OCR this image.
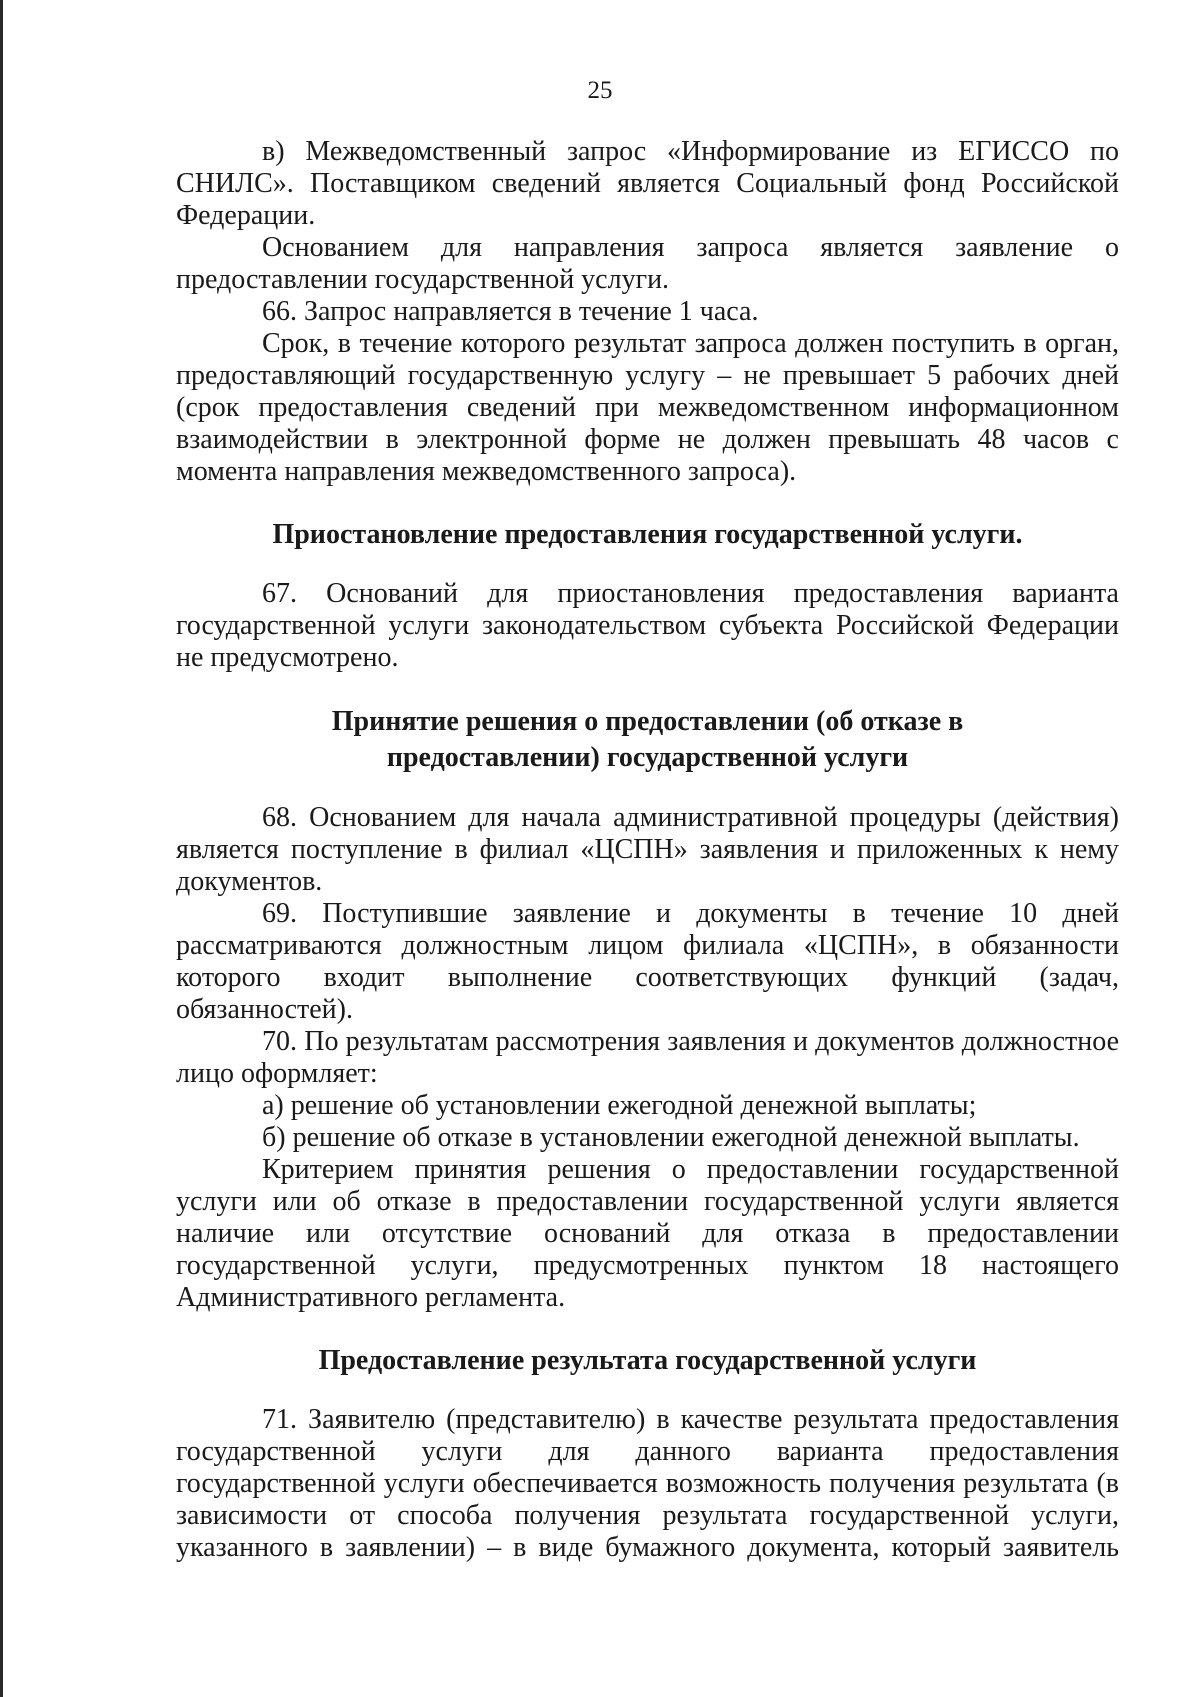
25

в) Межведомственный запрос «Информирование из ЕГИССО по СНИЛС». Поставщиком сведений является Социальный фонд Российской Федерации.

Основанием для направления запроса является заявление о предоставлении государственной услуги.

66. Запрос направляется в течение 1 часа.

Срок, в течение которого результат запроса должен поступить в орган, предоставляющий государственную услугу – не превышает 5 рабочих дней (срок предоставления сведений при межведомственном информационном взаимодействии в электронной форме не должен превышать 48 часов с момента направления межведомственного запроса).

Приостановление предоставления государственной услуги.

67. Оснований для приостановления предоставления варианта государственной услуги законодательством субъекта Российской Федерации не предусмотрено.

Принятие решения о предоставлении (об отказе в предоставлении) государственной услуги

68. Основанием для начала административной процедуры (действия) является поступление в филиал «ЦСПН» заявления и приложенных к нему документов.

69. Поступившие заявление и документы в течение 10 дней рассматриваются должностным лицом филиала «ЦСПН», в обязанности которого входит выполнение соответствующих функций (задач, обязанностей).

70. По результатам рассмотрения заявления и документов должностное лицо оформляет:

а) решение об установлении ежегодной денежной выплаты;

б) решение об отказе в установлении ежегодной денежной выплаты.

Критерием принятия решения о предоставлении государственной услуги или об отказе в предоставлении государственной услуги является наличие или отсутствие оснований для отказа в предоставлении государственной услуги, предусмотренных пунктом 18 настоящего Административного регламента.

Предоставление результата государственной услуги

71. Заявителю (представителю) в качестве результата предоставления государственной услуги для данного варианта предоставления государственной услуги обеспечивается возможность получения результата (в зависимости от способа получения результата государственной услуги, указанного в заявлении) – в виде бумажного документа, который заявитель
